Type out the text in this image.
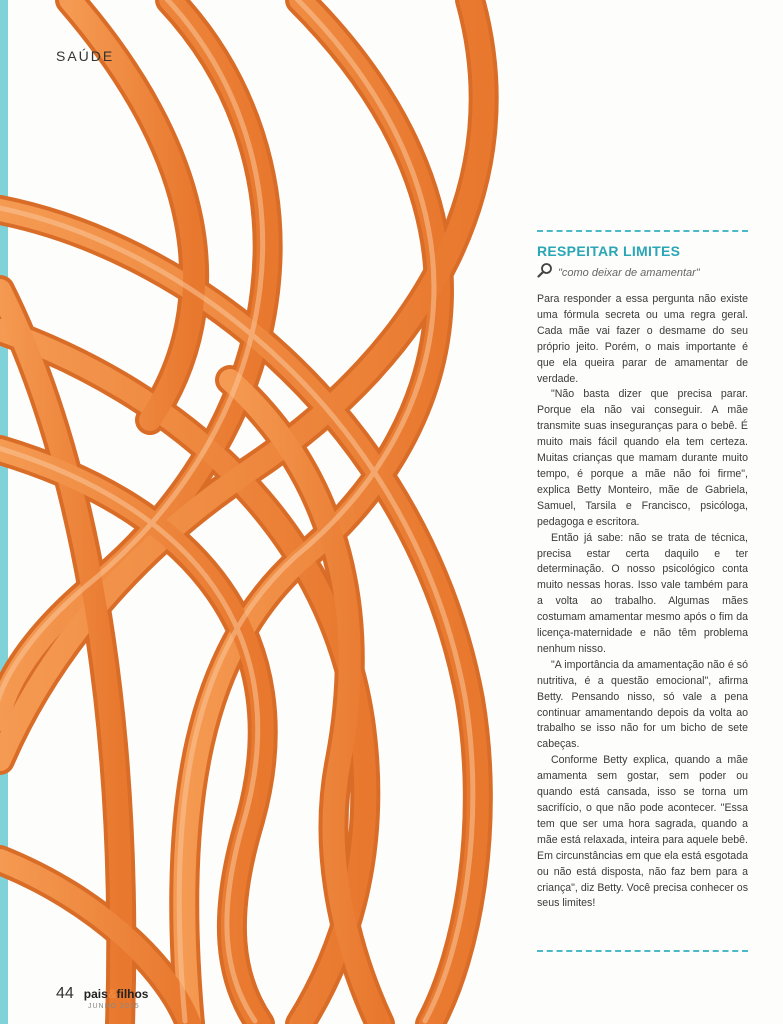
SAÚDE
RESPEITAR LIMITES
"como deixar de amamentar"

Para responder a essa pergunta não existe uma fórmula secreta ou uma regra geral. Cada mãe vai fazer o desmame do seu próprio jeito. Porém, o mais importante é que ela queira parar de amamentar de verdade.

"Não basta dizer que precisa parar. Porque ela não vai conseguir. A mãe transmite suas inseguranças para o bebê. É muito mais fácil quando ela tem certeza. Muitas crianças que mamam durante muito tempo, é porque a mãe não foi firme", explica Betty Monteiro, mãe de Gabriela, Samuel, Tarsila e Francisco, psicóloga, pedagoga e escritora.

Então já sabe: não se trata de técnica, precisa estar certa daquilo e ter determinação. O nosso psicológico conta muito nessas horas. Isso vale também para a volta ao trabalho. Algumas mães costumam amamentar mesmo após o fim da licença-maternidade e não têm problema nenhum nisso.

"A importância da amamentação não é só nutritiva, é a questão emocional", afirma Betty. Pensando nisso, só vale a pena continuar amamentando depois da volta ao trabalho se isso não for um bicho de sete cabeças.

Conforme Betty explica, quando a mãe amamenta sem gostar, sem poder ou quando está cansada, isso se torna um sacrifício, o que não pode acontecer. "Essa tem que ser uma hora sagrada, quando a mãe está relaxada, inteira para aquele bebê. Em circunstâncias em que ela está esgotada ou não está disposta, não faz bem para a criança", diz Betty. Você precisa conhecer os seus limites!

44 pais&filhos
JUNHO 2015
